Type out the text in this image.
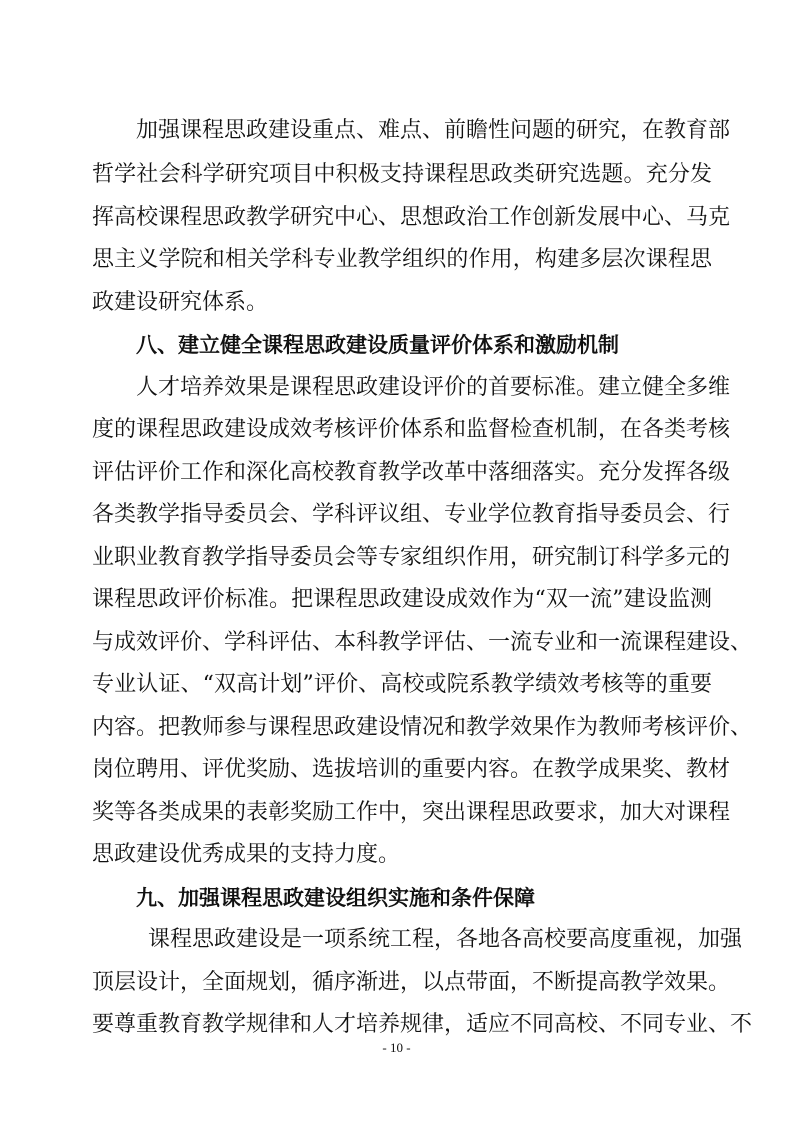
加强课程思政建设重点、难点、前瞻性问题的研究，在教育部
哲学社会科学研究项目中积极支持课程思政类研究选题。充分发
挥高校课程思政教学研究中心、思想政治工作创新发展中心、马克
思主义学院和相关学科专业教学组织的作用，构建多层次课程思
政建设研究体系。
八、建立健全课程思政建设质量评价体系和激励机制
人才培养效果是课程思政建设评价的首要标准。建立健全多维
度的课程思政建设成效考核评价体系和监督检查机制，在各类考核
评估评价工作和深化高校教育教学改革中落细落实。充分发挥各级
各类教学指导委员会、学科评议组、专业学位教育指导委员会、行
业职业教育教学指导委员会等专家组织作用，研究制订科学多元的
课程思政评价标准。把课程思政建设成效作为“双一流”建设监测
与成效评价、学科评估、本科教学评估、一流专业和一流课程建设、
专业认证、“双高计划”评价、高校或院系教学绩效考核等的重要
内容。把教师参与课程思政建设情况和教学效果作为教师考核评价、
岗位聘用、评优奖励、选拔培训的重要内容。在教学成果奖、教材
奖等各类成果的表彰奖励工作中，突出课程思政要求，加大对课程
思政建设优秀成果的支持力度。
九、加强课程思政建设组织实施和条件保障
课程思政建设是一项系统工程，各地各高校要高度重视，加强
顶层设计，全面规划，循序渐进，以点带面，不断提高教学效果。
要尊重教育教学规律和人才培养规律，适应不同高校、不同专业、不
- 10 -
